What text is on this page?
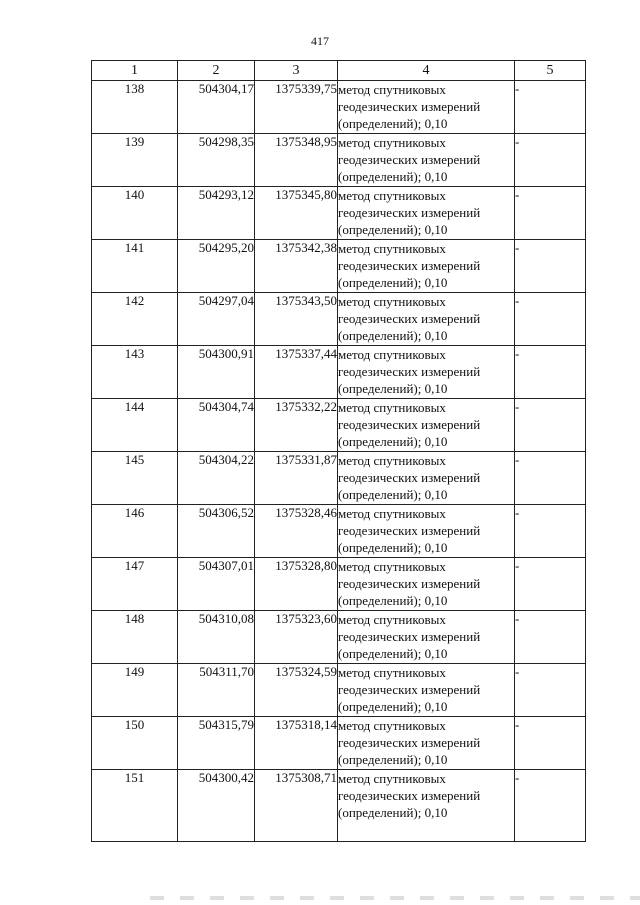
417
1	2	3	4	5
138	504304,17	1375339,75	метод спутниковых
геодезических измерений
(определений); 0,10	-
139	504298,35	1375348,95	метод спутниковых
геодезических измерений
(определений); 0,10	-
140	504293,12	1375345,80	метод спутниковых
геодезических измерений
(определений); 0,10	-
141	504295,20	1375342,38	метод спутниковых
геодезических измерений
(определений); 0,10	-
142	504297,04	1375343,50	метод спутниковых
геодезических измерений
(определений); 0,10	-
143	504300,91	1375337,44	метод спутниковых
геодезических измерений
(определений); 0,10	-
144	504304,74	1375332,22	метод спутниковых
геодезических измерений
(определений); 0,10	-
145	504304,22	1375331,87	метод спутниковых
геодезических измерений
(определений); 0,10	-
146	504306,52	1375328,46	метод спутниковых
геодезических измерений
(определений); 0,10	-
147	504307,01	1375328,80	метод спутниковых
геодезических измерений
(определений); 0,10	-
148	504310,08	1375323,60	метод спутниковых
геодезических измерений
(определений); 0,10	-
149	504311,70	1375324,59	метод спутниковых
геодезических измерений
(определений); 0,10	-
150	504315,79	1375318,14	метод спутниковых
геодезических измерений
(определений); 0,10	-
151	504300,42	1375308,71	метод спутниковых
геодезических измерений
(определений); 0,10	-
